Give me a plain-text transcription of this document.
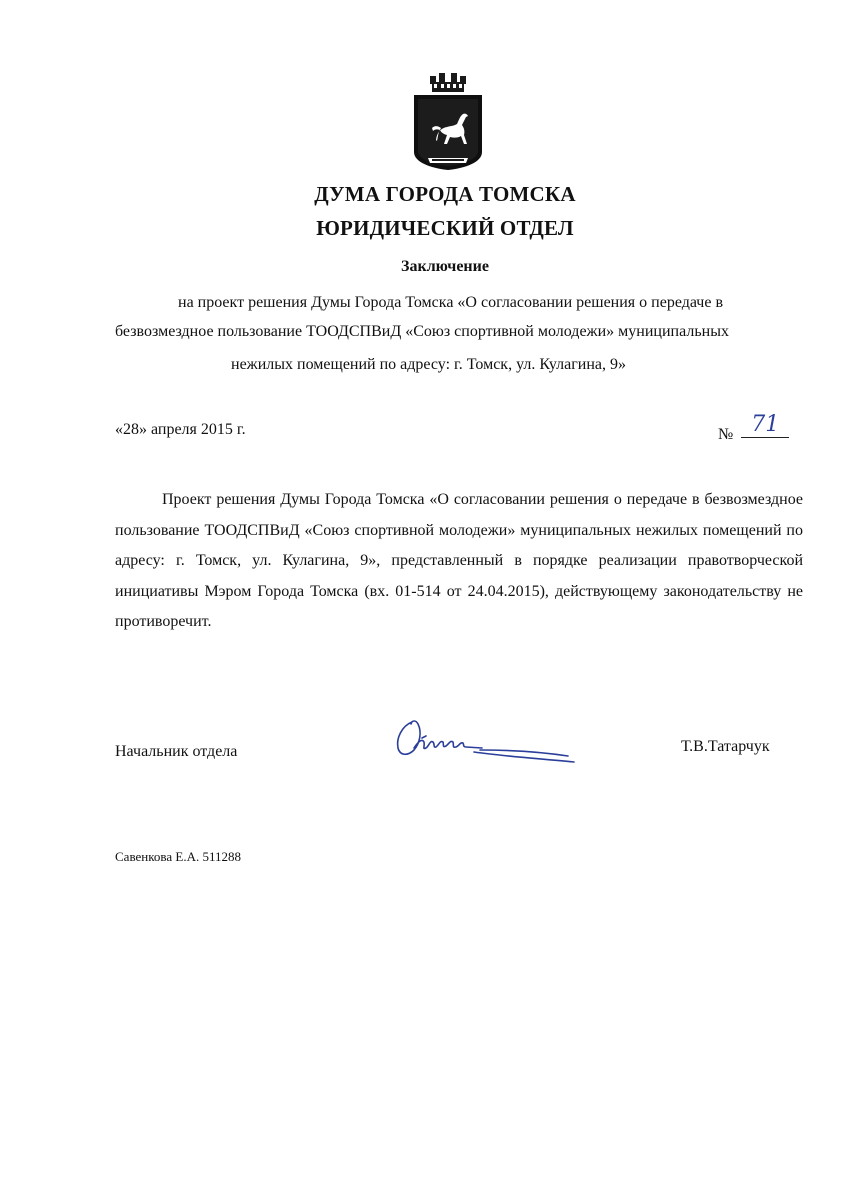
ДУМА ГОРОДА ТОМСКА
ЮРИДИЧЕСКИЙ ОТДЕЛ
Заключение
на проект решения Думы Города Томска «О согласовании решения о передаче в
безвозмездное пользование ТООДСПВиД «Союз спортивной молодежи» муниципальных
нежилых помещений по адресу: г. Томск, ул. Кулагина, 9»
«28» апреля 2015 г.	№ 71

Проект решения Думы Города Томска «О согласовании решения о передаче в безвозмездное пользование ТООДСПВиД «Союз спортивной молодежи» муниципальных нежилых помещений по адресу: г. Томск, ул. Кулагина, 9», представленный в порядке реализации правотворческой инициативы Мэром Города Томска (вх. 01-514 от 24.04.2015), действующему законодательству не противоречит.

Начальник отдела	Т.В.Татарчук
Савенкова Е.А. 511288
